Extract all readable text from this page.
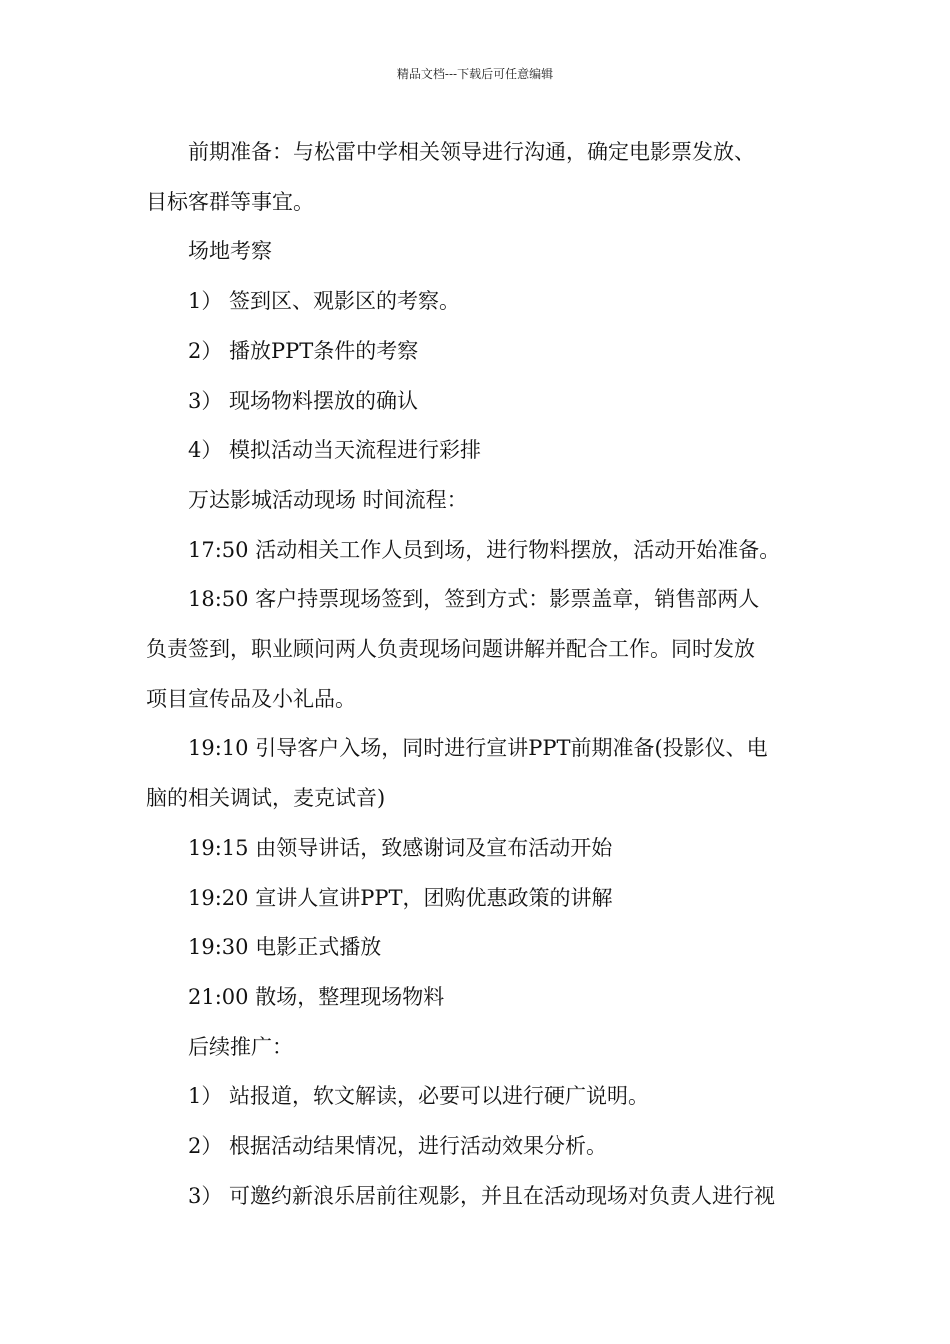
精品文档---下载后可任意编辑

前期准备：与松雷中学相关领导进行沟通，确定电影票发放、

目标客群等事宜。

场地考察

1） 签到区、观影区的考察。

2） 播放PPT条件的考察

3） 现场物料摆放的确认

4） 模拟活动当天流程进行彩排

万达影城活动现场 时间流程：

17:50 活动相关工作人员到场，进行物料摆放，活动开始准备。

18:50 客户持票现场签到，签到方式：影票盖章，销售部两人

负责签到，职业顾问两人负责现场问题讲解并配合工作。同时发放

项目宣传品及小礼品。

19:10 引导客户入场，同时进行宣讲PPT前期准备(投影仪、电

脑的相关调试，麦克试音)

19:15 由领导讲话，致感谢词及宣布活动开始

19:20 宣讲人宣讲PPT，团购优惠政策的讲解

19:30 电影正式播放

21:00 散场，整理现场物料

后续推广：

1） 站报道，软文解读，必要可以进行硬广说明。

2） 根据活动结果情况，进行活动效果分析。

3） 可邀约新浪乐居前往观影，并且在活动现场对负责人进行视
